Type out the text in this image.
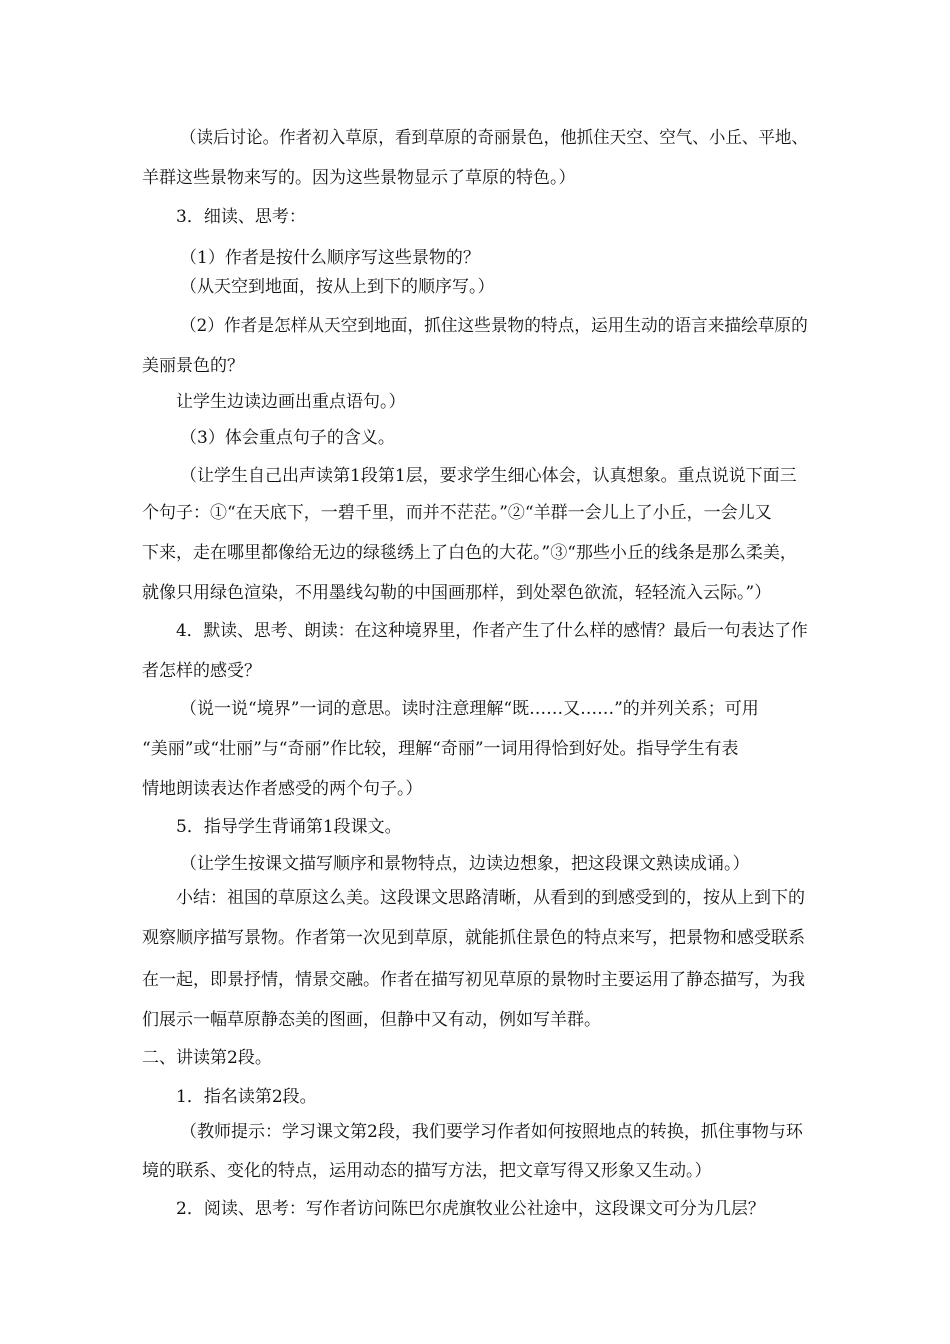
（读后讨论。作者初入草原，看到草原的奇丽景色，他抓住天空、空气、小丘、平地、
羊群这些景物来写的。因为这些景物显示了草原的特色。）
3．细读、思考：
（1）作者是按什么顺序写这些景物的？
（从天空到地面，按从上到下的顺序写。）
（2）作者是怎样从天空到地面，抓住这些景物的特点，运用生动的语言来描绘草原的
美丽景色的？
让学生边读边画出重点语句。）
（3）体会重点句子的含义。
（让学生自己出声读第1段第1层，要求学生细心体会，认真想象。重点说说下面三
个句子：①“在天底下，一碧千里，而并不茫茫。”②“羊群一会儿上了小丘，一会儿又
下来，走在哪里都像给无边的绿毯绣上了白色的大花。”③“那些小丘的线条是那么柔美，
就像只用绿色渲染，不用墨线勾勒的中国画那样，到处翠色欲流，轻轻流入云际。”）
4．默读、思考、朗读：在这种境界里，作者产生了什么样的感情？最后一句表达了作
者怎样的感受？
（说一说“境界”一词的意思。读时注意理解“既……又……”的并列关系；可用
“美丽”或“壮丽”与“奇丽”作比较，理解“奇丽”一词用得恰到好处。指导学生有表
情地朗读表达作者感受的两个句子。）
5．指导学生背诵第1段课文。
（让学生按课文描写顺序和景物特点，边读边想象，把这段课文熟读成诵。）
小结：祖国的草原这么美。这段课文思路清晰，从看到的到感受到的，按从上到下的
观察顺序描写景物。作者第一次见到草原，就能抓住景色的特点来写，把景物和感受联系
在一起，即景抒情，情景交融。作者在描写初见草原的景物时主要运用了静态描写，为我
们展示一幅草原静态美的图画，但静中又有动，例如写羊群。
二、讲读第2段。
1．指名读第2段。
（教师提示：学习课文第2段，我们要学习作者如何按照地点的转换，抓住事物与环
境的联系、变化的特点，运用动态的描写方法，把文章写得又形象又生动。）
2．阅读、思考：写作者访问陈巴尔虎旗牧业公社途中，这段课文可分为几层？
